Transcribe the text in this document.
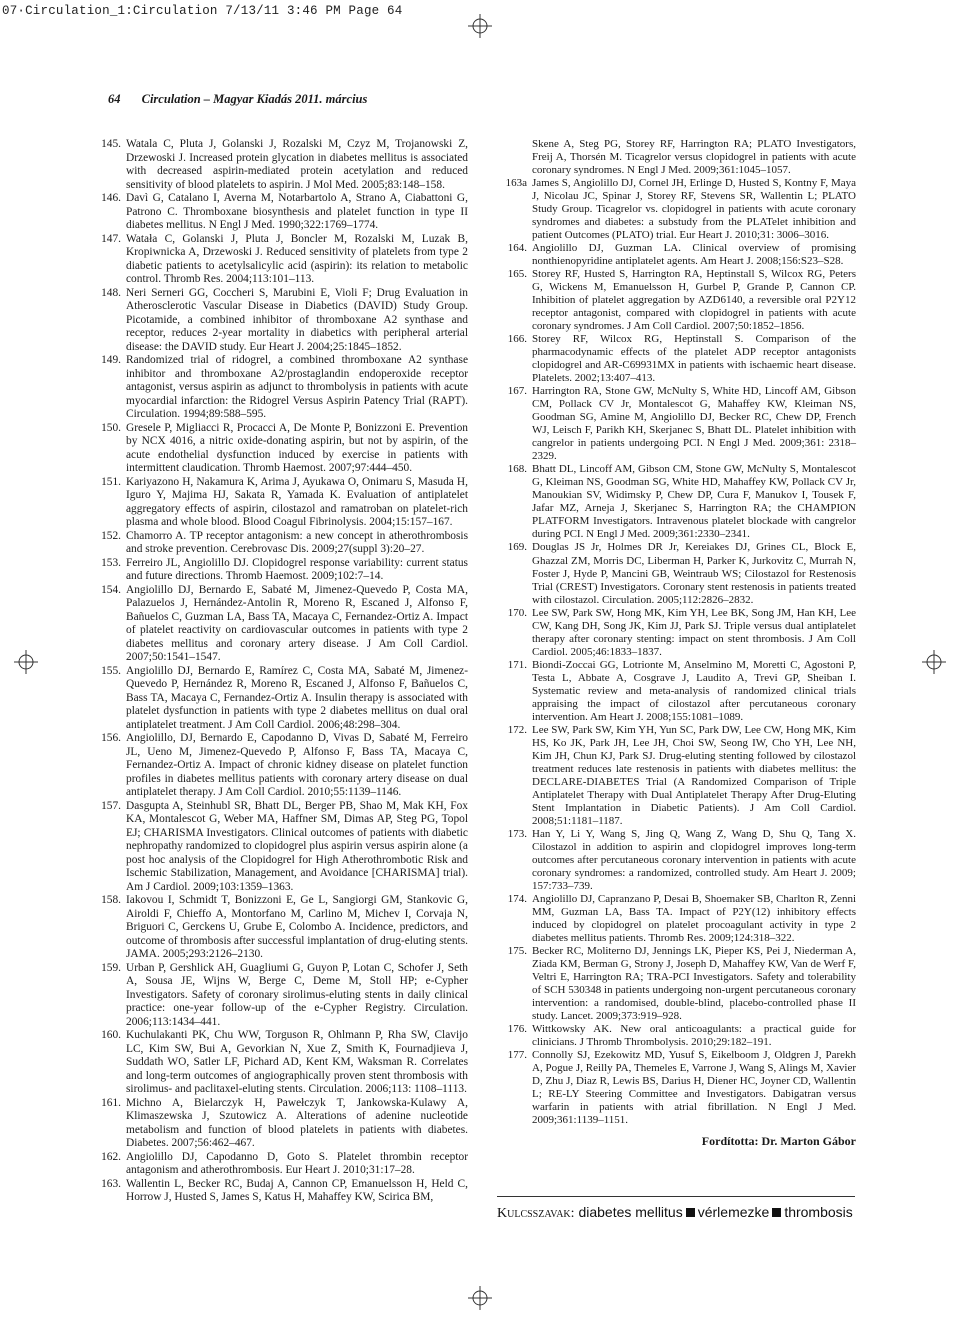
07·Circulation_1:Circulation 7/13/11 3:46 PM Page 64
64 Circulation – Magyar Kiadás 2011. március
145. Watala C, Pluta J, Golanski J, Rozalski M, Czyz M, Trojanowski Z, Drzewoski J. Increased protein glycation in diabetes mellitus is associated with decreased aspirin-mediated protein acetylation and reduced sensitivity of blood platelets to aspirin. J Mol Med. 2005;83:148–158.
146. Davì G, Catalano I, Averna M, Notarbartolo A, Strano A, Ciabattoni G, Patrono C. Thromboxane biosynthesis and platelet function in type II diabetes mellitus. N Engl J Med. 1990;322:1769–1774.
147. Watała C, Golanski J, Pluta J, Boncler M, Rozalski M, Luzak B, Kropiwnicka A, Drzewoski J. Reduced sensitivity of platelets from type 2 diabetic patients to acetylsalicylic acid (aspirin): its relation to metabolic control. Thromb Res. 2004;113:101–113.
148. Neri Serneri GG, Coccheri S, Marubini E, Violi F; Drug Evaluation in Atherosclerotic Vascular Disease in Diabetics (DAVID) Study Group. Picotamide, a combined inhibitor of thromboxane A2 synthase and receptor, reduces 2-year mortality in diabetics with peripheral arterial disease: the DAVID study. Eur Heart J. 2004;25:1845–1852.
149. Randomized trial of ridogrel, a combined thromboxane A2 synthase inhibitor and thromboxane A2/prostaglandin endoperoxide receptor antagonist, versus aspirin as adjunct to thrombolysis in patients with acute myocardial infarction: the Ridogrel Versus Aspirin Patency Trial (RAPT). Circulation. 1994;89:588–595.
150. Gresele P, Migliacci R, Procacci A, De Monte P, Bonizzoni E. Prevention by NCX 4016, a nitric oxide-donating aspirin, but not by aspirin, of the acute endothelial dysfunction induced by exercise in patients with intermittent claudication. Thromb Haemost. 2007;97:444–450.
151. Kariyazono H, Nakamura K, Arima J, Ayukawa O, Onimaru S, Masuda H, Iguro Y, Majima HJ, Sakata R, Yamada K. Evaluation of antiplatelet aggregatory effects of aspirin, cilostazol and ramatroban on platelet-rich plasma and whole blood. Blood Coagul Fibrinolysis. 2004;15:157–167.
152. Chamorro A. TP receptor antagonism: a new concept in atherothrombosis and stroke prevention. Cerebrovasc Dis. 2009;27(suppl 3):20–27.
153. Ferreiro JL, Angiolillo DJ. Clopidogrel response variability: current status and future directions. Thromb Haemost. 2009;102:7–14.
154. Angiolillo DJ, Bernardo E, Sabaté M, Jimenez-Quevedo P, Costa MA, Palazuelos J, Hernández-Antolin R, Moreno R, Escaned J, Alfonso F, Bañuelos C, Guzman LA, Bass TA, Macaya C, Fernandez-Ortiz A. Impact of platelet reactivity on cardiovascular outcomes in patients with type 2 diabetes mellitus and coronary artery disease. J Am Coll Cardiol. 2007;50:1541–1547.
155. Angiolillo DJ, Bernardo E, Ramírez C, Costa MA, Sabaté M, Jimenez-Quevedo P, Hernández R, Moreno R, Escaned J, Alfonso F, Bañuelos C, Bass TA, Macaya C, Fernandez-Ortiz A. Insulin therapy is associated with platelet dysfunction in patients with type 2 diabetes mellitus on dual oral antiplatelet treatment. J Am Coll Cardiol. 2006;48:298–304.
156. Angiolillo, DJ, Bernardo E, Capodanno D, Vivas D, Sabaté M, Ferreiro JL, Ueno M, Jimenez-Quevedo P, Alfonso F, Bass TA, Macaya C, Fernandez-Ortiz A. Impact of chronic kidney disease on platelet function profiles in diabetes mellitus patients with coronary artery disease on dual antiplatelet therapy. J Am Coll Cardiol. 2010;55:1139–1146.
157. Dasgupta A, Steinhubl SR, Bhatt DL, Berger PB, Shao M, Mak KH, Fox KA, Montalescot G, Weber MA, Haffner SM, Dimas AP, Steg PG, Topol EJ; CHARISMA Investigators. Clinical outcomes of patients with diabetic nephropathy randomized to clopidogrel plus aspirin versus aspirin alone (a post hoc analysis of the Clopidogrel for High Atherothrombotic Risk and Ischemic Stabilization, Management, and Avoidance [CHARISMA] trial). Am J Cardiol. 2009;103:1359–1363.
158. Iakovou I, Schmidt T, Bonizzoni E, Ge L, Sangiorgi GM, Stankovic G, Airoldi F, Chieffo A, Montorfano M, Carlino M, Michev I, Corvaja N, Briguori C, Gerckens U, Grube E, Colombo A. Incidence, predictors, and outcome of thrombosis after successful implantation of drug-eluting stents. JAMA. 2005;293:2126–2130.
159. Urban P, Gershlick AH, Guagliumi G, Guyon P, Lotan C, Schofer J, Seth A, Sousa JE, Wijns W, Berge C, Deme M, Stoll HP; e-Cypher Investigators. Safety of coronary sirolimus-eluting stents in daily clinical practice: one-year follow-up of the e-Cypher Registry. Circulation. 2006;113:1434–441.
160. Kuchulakanti PK, Chu WW, Torguson R, Ohlmann P, Rha SW, Clavijo LC, Kim SW, Bui A, Gevorkian N, Xue Z, Smith K, Fournadjieva J, Suddath WO, Satler LF, Pichard AD, Kent KM, Waksman R. Correlates and long-term outcomes of angiographically proven stent thrombosis with sirolimus- and paclitaxel-eluting stents. Circulation. 2006;113: 1108–1113.
161. Michno A, Bielarczyk H, Pawełczyk T, Jankowska-Kulawy A, Klimaszewska J, Szutowicz A. Alterations of adenine nucleotide metabolism and function of blood platelets in patients with diabetes. Diabetes. 2007;56:462–467.
162. Angiolillo DJ, Capodanno D, Goto S. Platelet thrombin receptor antagonism and atherothrombosis. Eur Heart J. 2010;31:17–28.
163. Wallentin L, Becker RC, Budaj A, Cannon CP, Emanuelsson H, Held C, Horrow J, Husted S, James S, Katus H, Mahaffey KW, Scirica BM,
Skene A, Steg PG, Storey RF, Harrington RA; PLATO Investigators, Freij A, Thorsén M. Ticagrelor versus clopidogrel in patients with acute coronary syndromes. N Engl J Med. 2009;361:1045–1057.
163a James S, Angiolillo DJ, Cornel JH, Erlinge D, Husted S, Kontny F, Maya J, Nicolau JC, Spinar J, Storey RF, Stevens SR, Wallentin L; PLATO Study Group. Ticagrelor vs. clopidogrel in patients with acute coronary syndromes and diabetes: a substudy from the PLATelet inhibition and patient Outcomes (PLATO) trial. Eur Heart J. 2010;31: 3006–3016.
164. Angiolillo DJ, Guzman LA. Clinical overview of promising nonthienopyridine antiplatelet agents. Am Heart J. 2008;156:S23–S28.
165. Storey RF, Husted S, Harrington RA, Heptinstall S, Wilcox RG, Peters G, Wickens M, Emanuelsson H, Gurbel P, Grande P, Cannon CP. Inhibition of platelet aggregation by AZD6140, a reversible oral P2Y12 receptor antagonist, compared with clopidogrel in patients with acute coronary syndromes. J Am Coll Cardiol. 2007;50:1852–1856.
166. Storey RF, Wilcox RG, Heptinstall S. Comparison of the pharmacodynamic effects of the platelet ADP receptor antagonists clopidogrel and AR-C69931MX in patients with ischaemic heart disease. Platelets. 2002;13:407–413.
167. Harrington RA, Stone GW, McNulty S, White HD, Lincoff AM, Gibson CM, Pollack CV Jr, Montalescot G, Mahaffey KW, Kleiman NS, Goodman SG, Amine M, Angiolillo DJ, Becker RC, Chew DP, French WJ, Leisch F, Parikh KH, Skerjanec S, Bhatt DL. Platelet inhibition with cangrelor in patients undergoing PCI. N Engl J Med. 2009;361: 2318–2329.
168. Bhatt DL, Lincoff AM, Gibson CM, Stone GW, McNulty S, Montalescot G, Kleiman NS, Goodman SG, White HD, Mahaffey KW, Pollack CV Jr, Manoukian SV, Widimsky P, Chew DP, Cura F, Manukov I, Tousek F, Jafar MZ, Arneja J, Skerjanec S, Harrington RA; the CHAMPION PLATFORM Investigators. Intravenous platelet blockade with cangrelor during PCI. N Engl J Med. 2009;361:2330–2341.
169. Douglas JS Jr, Holmes DR Jr, Kereiakes DJ, Grines CL, Block E, Ghazzal ZM, Morris DC, Liberman H, Parker K, Jurkovitz C, Murrah N, Foster J, Hyde P, Mancini GB, Weintraub WS; Cilostazol for Restenosis Trial (CREST) Investigators. Coronary stent restenosis in patients treated with cilostazol. Circulation. 2005;112:2826–2832.
170. Lee SW, Park SW, Hong MK, Kim YH, Lee BK, Song JM, Han KH, Lee CW, Kang DH, Song JK, Kim JJ, Park SJ. Triple versus dual antiplatelet therapy after coronary stenting: impact on stent thrombosis. J Am Coll Cardiol. 2005;46:1833–1837.
171. Biondi-Zoccai GG, Lotrionte M, Anselmino M, Moretti C, Agostoni P, Testa L, Abbate A, Cosgrave J, Laudito A, Trevi GP, Sheiban I. Systematic review and meta-analysis of randomized clinical trials appraising the impact of cilostazol after percutaneous coronary intervention. Am Heart J. 2008;155:1081–1089.
172. Lee SW, Park SW, Kim YH, Yun SC, Park DW, Lee CW, Hong MK, Kim HS, Ko JK, Park JH, Lee JH, Choi SW, Seong IW, Cho YH, Lee NH, Kim JH, Chun KJ, Park SJ. Drug-eluting stenting followed by cilostazol treatment reduces late restenosis in patients with diabetes mellitus: the DECLARE-DIABETES Trial (A Randomized Comparison of Triple Antiplatelet Therapy with Dual Antiplatelet Therapy After Drug-Eluting Stent Implantation in Diabetic Patients). J Am Coll Cardiol. 2008;51:1181–1187.
173. Han Y, Li Y, Wang S, Jing Q, Wang Z, Wang D, Shu Q, Tang X. Cilostazol in addition to aspirin and clopidogrel improves long-term outcomes after percutaneous coronary intervention in patients with acute coronary syndromes: a randomized, controlled study. Am Heart J. 2009; 157:733–739.
174. Angiolillo DJ, Capranzano P, Desai B, Shoemaker SB, Charlton R, Zenni MM, Guzman LA, Bass TA. Impact of P2Y(12) inhibitory effects induced by clopidogrel on platelet procoagulant activity in type 2 diabetes mellitus patients. Thromb Res. 2009;124:318–322.
175. Becker RC, Moliterno DJ, Jennings LK, Pieper KS, Pei J, Niederman A, Ziada KM, Berman G, Strony J, Joseph D, Mahaffey KW, Van de Werf F, Veltri E, Harrington RA; TRA-PCI Investigators. Safety and tolerability of SCH 530348 in patients undergoing non-urgent percutaneous coronary intervention: a randomised, double-blind, placebo-controlled phase II study. Lancet. 2009;373:919–928.
176. Wittkowsky AK. New oral anticoagulants: a practical guide for clinicians. J Thromb Thrombolysis. 2010;29:182–191.
177. Connolly SJ, Ezekowitz MD, Yusuf S, Eikelboom J, Oldgren J, Parekh A, Pogue J, Reilly PA, Themeles E, Varrone J, Wang S, Alings M, Xavier D, Zhu J, Diaz R, Lewis BS, Darius H, Diener HC, Joyner CD, Wallentin L; RE-LY Steering Committee and Investigators. Dabigatran versus warfarin in patients with atrial fibrillation. N Engl J Med. 2009;361:1139–1151.
Fordította: Dr. Marton Gábor
Kulcsszavak: diabetes mellitus vérlemezke thrombosis
